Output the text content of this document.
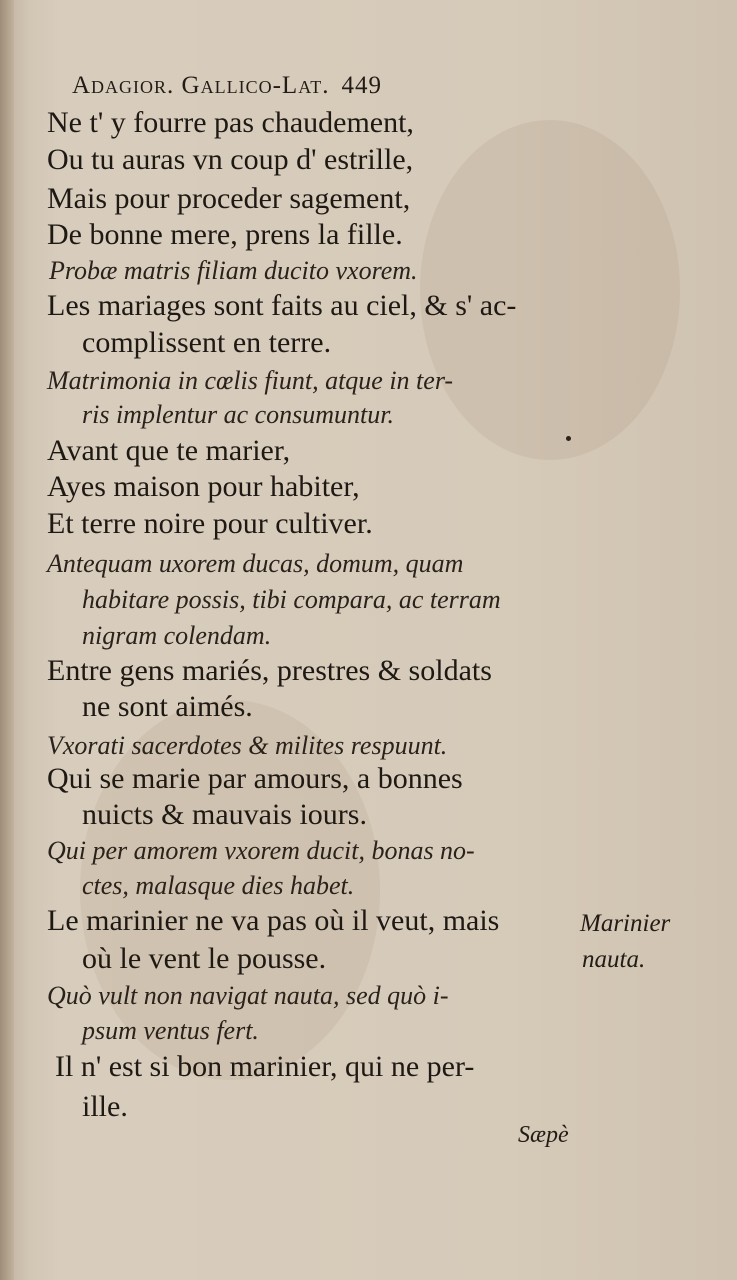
Adagior. Gallico-Lat. 449
Ne t' y fourre pas chaudement,
Ou tu auras vn coup d' estrille,
Mais pour proceder sagement,
De bonne mere, prens la fille.
Probæ matris filiam ducito vxorem.
Les mariages sont faits au ciel, & s' ac-
complissent en terre.
Matrimonia in cœlis fiunt, atque in ter-
ris implentur ac consumuntur.
Avant que te marier,
Ayes maison pour habiter,
Et terre noire pour cultiver.
Antequam uxorem ducas, domum, quam
habitare possis, tibi compara, ac terram
nigram colendam.
Entre gens mariés, prestres & soldats
ne sont aimés.
Vxorati sacerdotes & milites respuunt.
Qui se marie par amours, a bonnes
nuicts & mauvais iours.
Qui per amorem vxorem ducit, bonas no-
ctes, malasque dies habet.
Le marinier ne va pas où il veut, mais
où le vent le pousse.
Quò vult non navigat nauta, sed quò i-
psum ventus fert.
Il n' est si bon marinier, qui ne per-
ille.
Marinier
nauta.
Sæpè
